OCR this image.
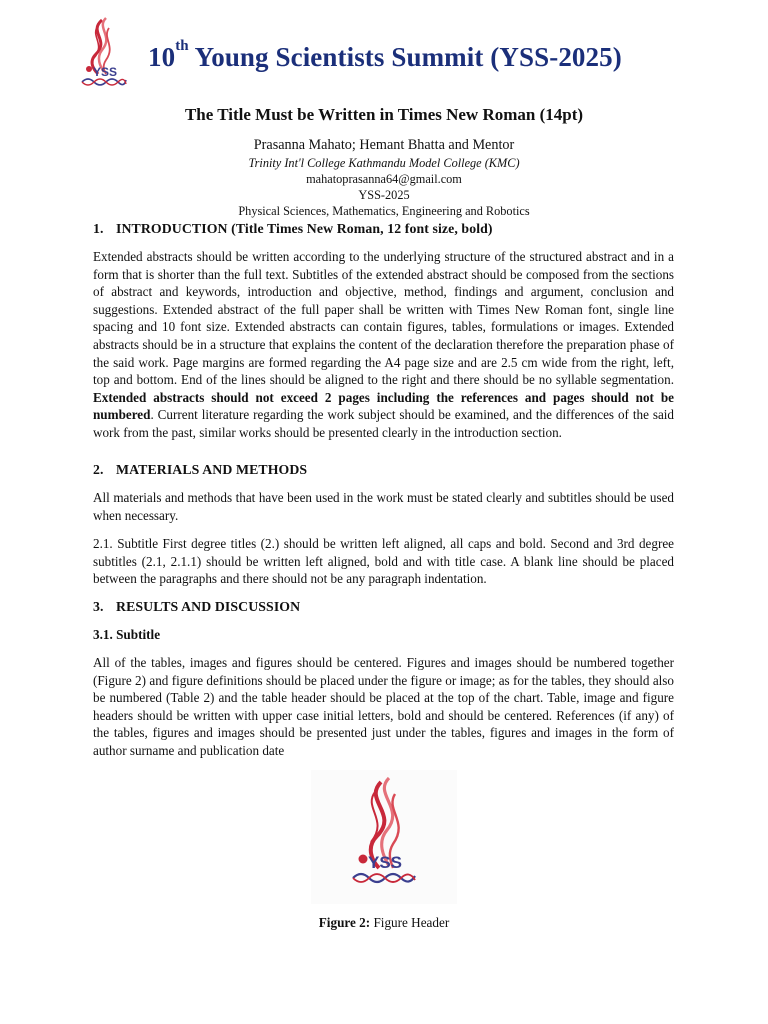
YSS 10th Young Scientists Summit (YSS-2025)
The Title Must be Written in Times New Roman (14pt)
Prasanna Mahato; Hemant Bhatta and Mentor
Trinity Int'l College Kathmandu Model College (KMC)
mahatoprasanna64@gmail.com
YSS-2025
Physical Sciences, Mathematics, Engineering and Robotics
1. INTRODUCTION (Title Times New Roman, 12 font size, bold)
Extended abstracts should be written according to the underlying structure of the structured abstract and in a form that is shorter than the full text. Subtitles of the extended abstract should be composed from the sections of abstract and keywords, introduction and objective, method, findings and argument, conclusion and suggestions. Extended abstract of the full paper shall be written with Times New Roman font, single line spacing and 10 font size. Extended abstracts can contain figures, tables, formulations or images. Extended abstracts should be in a structure that explains the content of the declaration therefore the preparation phase of the said work. Page margins are formed regarding the A4 page size and are 2.5 cm wide from the right, left, top and bottom. End of the lines should be aligned to the right and there should be no syllable segmentation. Extended abstracts should not exceed 2 pages including the references and pages should not be numbered. Current literature regarding the work subject should be examined, and the differences of the said work from the past, similar works should be presented clearly in the introduction section.
2. MATERIALS AND METHODS
All materials and methods that have been used in the work must be stated clearly and subtitles should be used when necessary.
2.1. Subtitle First degree titles (2.) should be written left aligned, all caps and bold. Second and 3rd degree subtitles (2.1, 2.1.1) should be written left aligned, bold and with title case. A blank line should be placed between the paragraphs and there should not be any paragraph indentation.
3. RESULTS AND DISCUSSION
3.1. Subtitle
All of the tables, images and figures should be centered. Figures and images should be numbered together (Figure 2) and figure definitions should be placed under the figure or image; as for the tables, they should also be numbered (Table 2) and the table header should be placed at the top of the chart. Table, image and figure headers should be written with upper case initial letters, bold and should be centered. References (if any) of the tables, figures and images should be presented just under the tables, figures and images in the form of author surname and publication date
YSS
Figure 2: Figure Header
